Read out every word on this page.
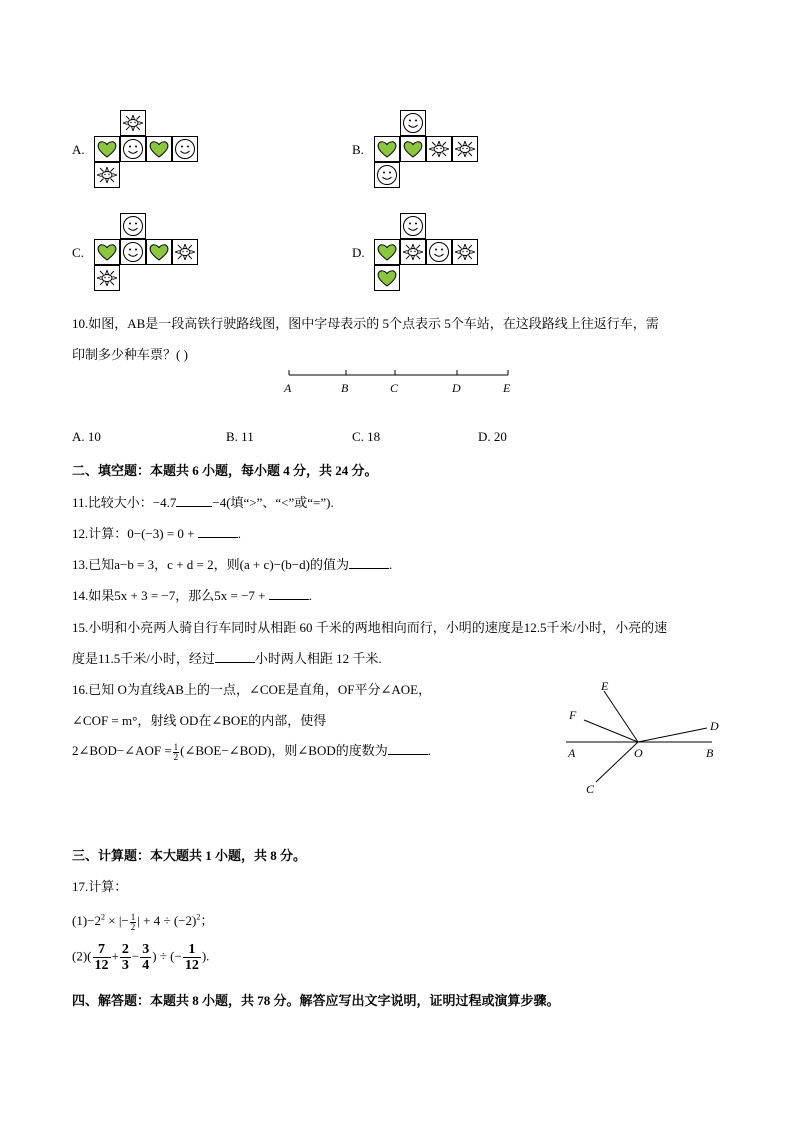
A.	B.
C.	D.
10.如图，AB是一段高铁行驶路线图，图中字母表示的 5个点表示 5个车站，在这段路线上往返行车，需
印制多少种车票？( )
A	B	C	D	E
A. 10	B. 11	C. 18	D. 20
二、填空题：本题共 6 小题，每小题 4 分，共 24 分。
11.比较大小：−4.7	−4(填“>”、“<”或“=”).
12.计算：0−(−3) = 0 +	.
13.已知a−b = 3，c + d = 2，则(a + c)−(b−d)的值为	.
14.如果5x + 3 = −7，那么5x = −7 +	.
15.小明和小亮两人骑自行车同时从相距 60 千米的两地相向而行，小明的速度是12.5千米/小时，小亮的速
度是11.5千米/小时，经过	小时两人相距 12 千米.
16.已知 O为直线AB上的一点，∠COE是直角，OF平分∠AOE，
∠COF = m°，射线 OD在∠BOE的内部，使得
2∠BOD−∠AOF = $\frac{1}{2}$ (∠BOE−∠BOD)，则∠BOD的度数为	.
E
F
D
A	O	B
C
三、计算题：本大题共 1 小题，共 8 分。
17.计算：
$(1)-2^2$ × |− $\frac{1}{2}$ | + $4 \div (-2)^2$；
$(2)( \frac{7}{12} + \frac{2}{3} - \frac{3}{4}$ ) ÷ (− $\frac{1}{12}$ ).
四、解答题：本题共 8 小题，共 78 分。解答应写出文字说明，证明过程或演算步骤。
